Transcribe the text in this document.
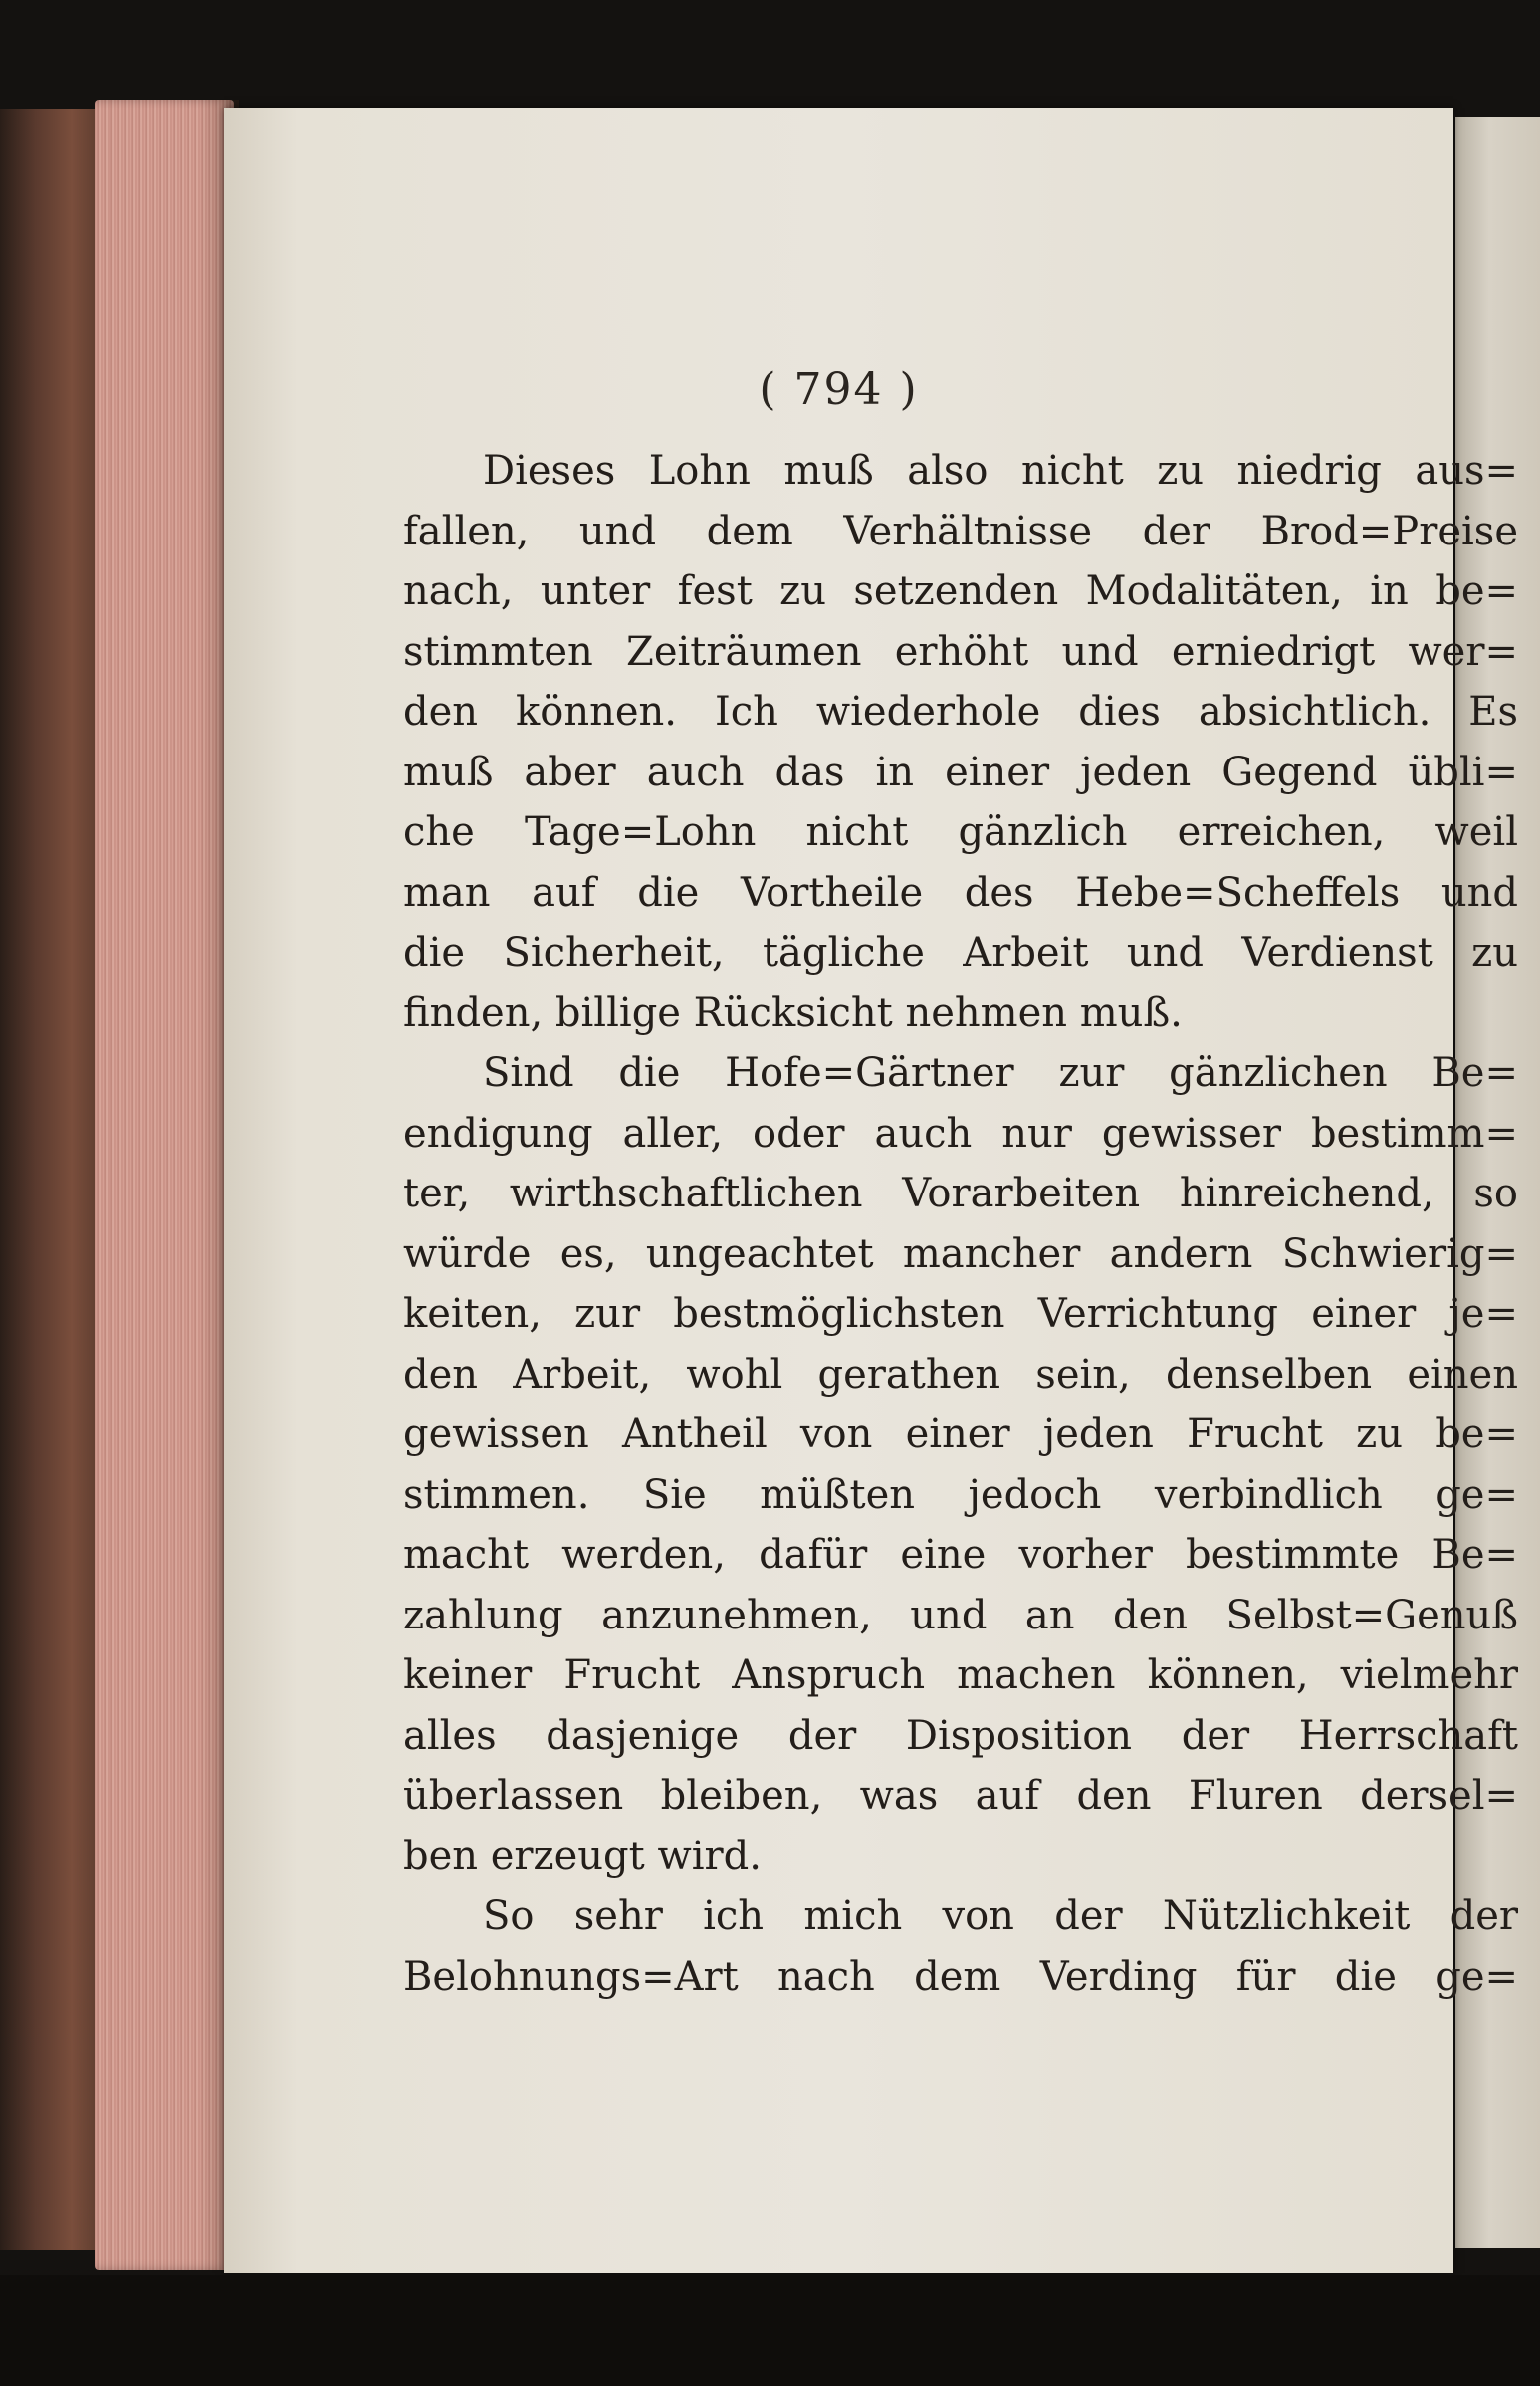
( 794 )
Dieses Lohn muß also nicht zu niedrig aus=
fallen, und dem Verhältnisse der Brod=Preise
nach, unter fest zu setzenden Modalitäten, in be=
stimmten Zeiträumen erhöht und erniedrigt wer=
den können. Ich wiederhole dies absichtlich. Es
muß aber auch das in einer jeden Gegend übli=
che Tage=Lohn nicht gänzlich erreichen, weil
man auf die Vortheile des Hebe=Scheffels und
die Sicherheit, tägliche Arbeit und Verdienst zu
finden, billige Rücksicht nehmen muß.
Sind die Hofe=Gärtner zur gänzlichen Be=
endigung aller, oder auch nur gewisser bestimm=
ter, wirthschaftlichen Vorarbeiten hinreichend, so
würde es, ungeachtet mancher andern Schwierig=
keiten, zur bestmöglichsten Verrichtung einer je=
den Arbeit, wohl gerathen sein, denselben einen
gewissen Antheil von einer jeden Frucht zu be=
stimmen. Sie müßten jedoch verbindlich ge=
macht werden, dafür eine vorher bestimmte Be=
zahlung anzunehmen, und an den Selbst=Genuß
keiner Frucht Anspruch machen können, vielmehr
alles dasjenige der Disposition der Herrschaft
überlassen bleiben, was auf den Fluren dersel=
ben erzeugt wird.
So sehr ich mich von der Nützlichkeit der
Belohnungs=Art nach dem Verding für die ge=
